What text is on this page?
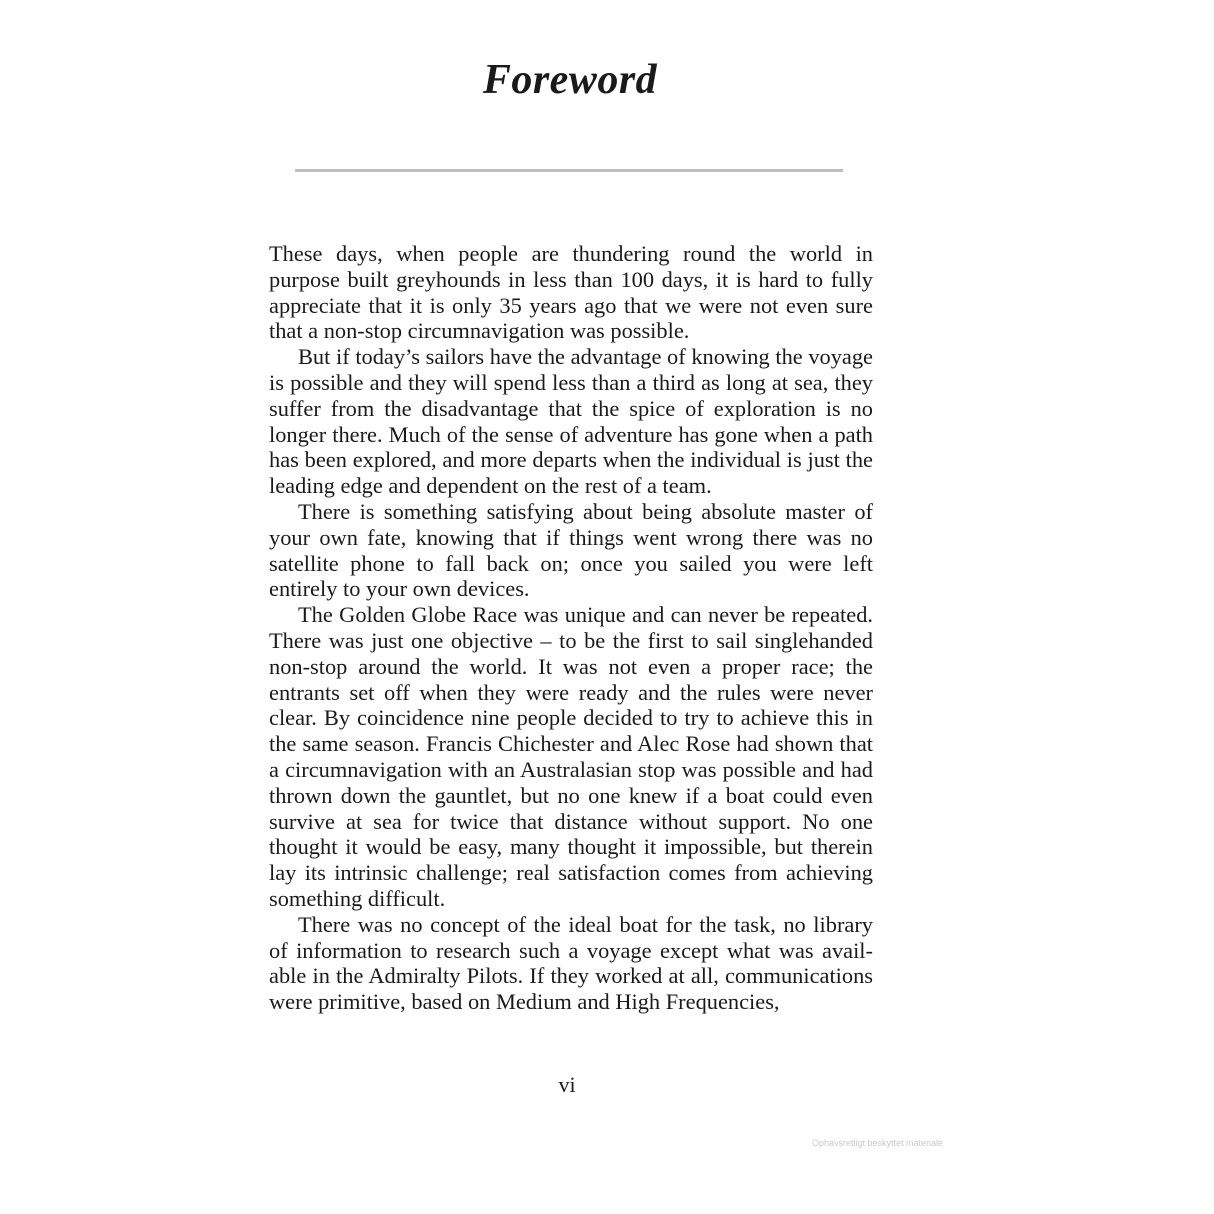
Foreword

These days, when people are thundering round the world in purpose built greyhounds in less than 100 days, it is hard to fully appreciate that it is only 35 years ago that we were not even sure that a non-stop circumnavigation was possible.

But if today’s sailors have the advantage of knowing the voyage is possible and they will spend less than a third as long at sea, they suffer from the disadvantage that the spice of exploration is no longer there. Much of the sense of adventure has gone when a path has been explored, and more departs when the individual is just the leading edge and dependent on the rest of a team.

There is something satisfying about being absolute master of your own fate, knowing that if things went wrong there was no satellite phone to fall back on; once you sailed you were left entirely to your own devices.

The Golden Globe Race was unique and can never be repeated. There was just one objective – to be the first to sail singlehanded non-stop around the world. It was not even a proper race; the entrants set off when they were ready and the rules were never clear. By coincidence nine people decided to try to achieve this in the same season. Francis Chichester and Alec Rose had shown that a circumnavigation with an Australasian stop was possible and had thrown down the gauntlet, but no one knew if a boat could even survive at sea for twice that distance without support. No one thought it would be easy, many thought it impossible, but therein lay its intrinsic challenge; real satisfaction comes from achieving something difficult.

There was no concept of the ideal boat for the task, no library of information to research such a voyage except what was available in the Admiralty Pilots. If they worked at all, communications were primitive, based on Medium and High Frequencies,

vi
Ophavsretligt beskyttet materiale
